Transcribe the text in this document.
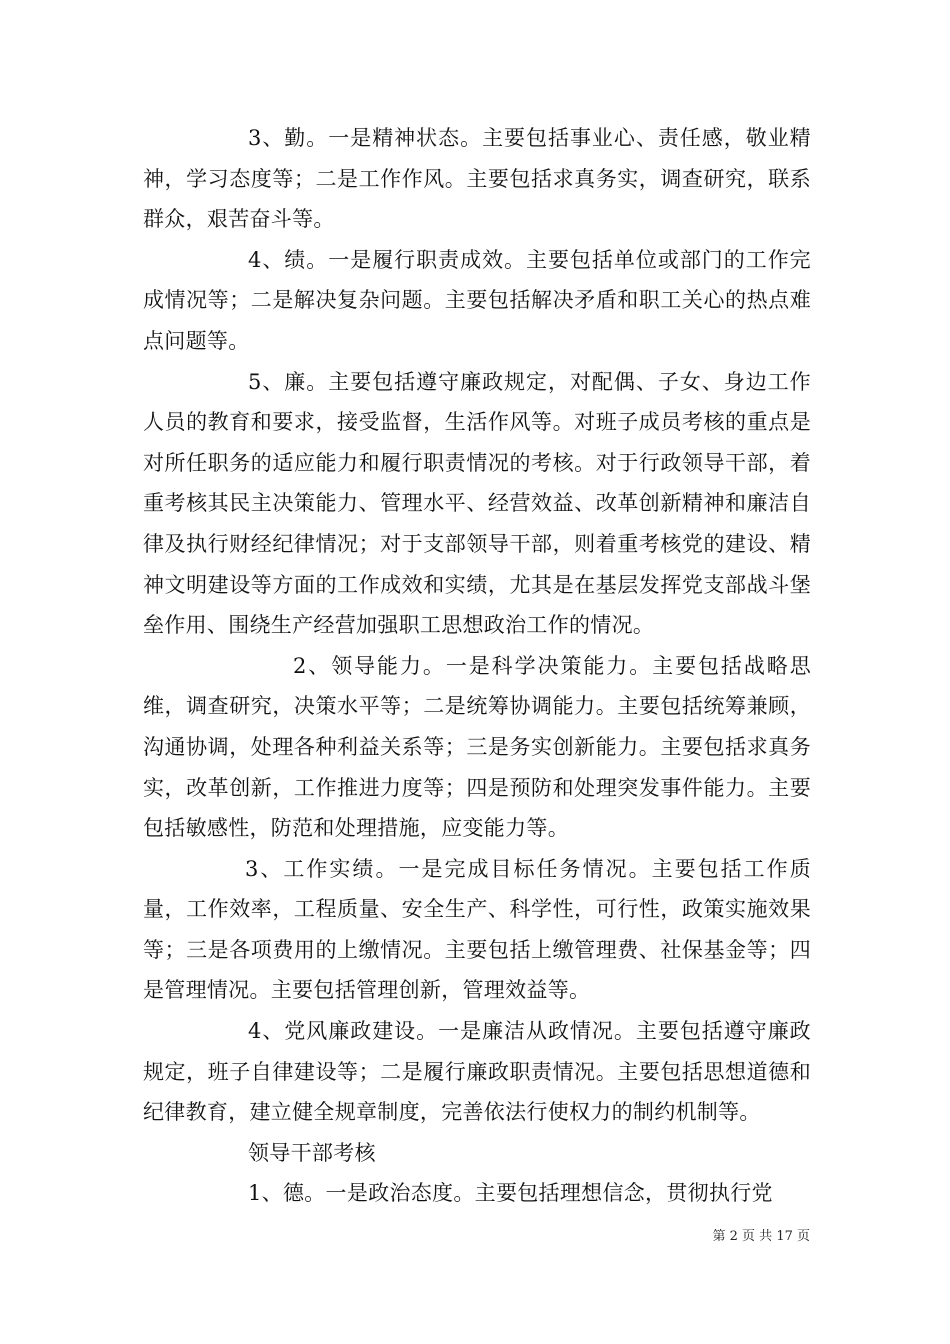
3、勤。一是精神状态。主要包括事业心、责任感，敬业精神，学习态度等；二是工作作风。主要包括求真务实，调查研究，联系群众，艰苦奋斗等。

4、绩。一是履行职责成效。主要包括单位或部门的工作完成情况等；二是解决复杂问题。主要包括解决矛盾和职工关心的热点难点问题等。

5、廉。主要包括遵守廉政规定，对配偶、子女、身边工作人员的教育和要求，接受监督，生活作风等。对班子成员考核的重点是对所任职务的适应能力和履行职责情况的考核。对于行政领导干部，着重考核其民主决策能力、管理水平、经营效益、改革创新精神和廉洁自律及执行财经纪律情况；对于支部领导干部，则着重考核党的建设、精神文明建设等方面的工作成效和实绩，尤其是在基层发挥党支部战斗堡垒作用、围绕生产经营加强职工思想政治工作的情况。

2、领导能力。一是科学决策能力。主要包括战略思维，调查研究，决策水平等；二是统筹协调能力。主要包括统筹兼顾，沟通协调，处理各种利益关系等；三是务实创新能力。主要包括求真务实，改革创新，工作推进力度等；四是预防和处理突发事件能力。主要包括敏感性，防范和处理措施，应变能力等。

3、工作实绩。一是完成目标任务情况。主要包括工作质量，工作效率，工程质量、安全生产、科学性，可行性，政策实施效果等；三是各项费用的上缴情况。主要包括上缴管理费、社保基金等；四是管理情况。主要包括管理创新，管理效益等。

4、党风廉政建设。一是廉洁从政情况。主要包括遵守廉政规定，班子自律建设等；二是履行廉政职责情况。主要包括思想道德和纪律教育，建立健全规章制度，完善依法行使权力的制约机制等。

领导干部考核

1、德。一是政治态度。主要包括理想信念，贯彻执行党

第 2 页 共 17 页
